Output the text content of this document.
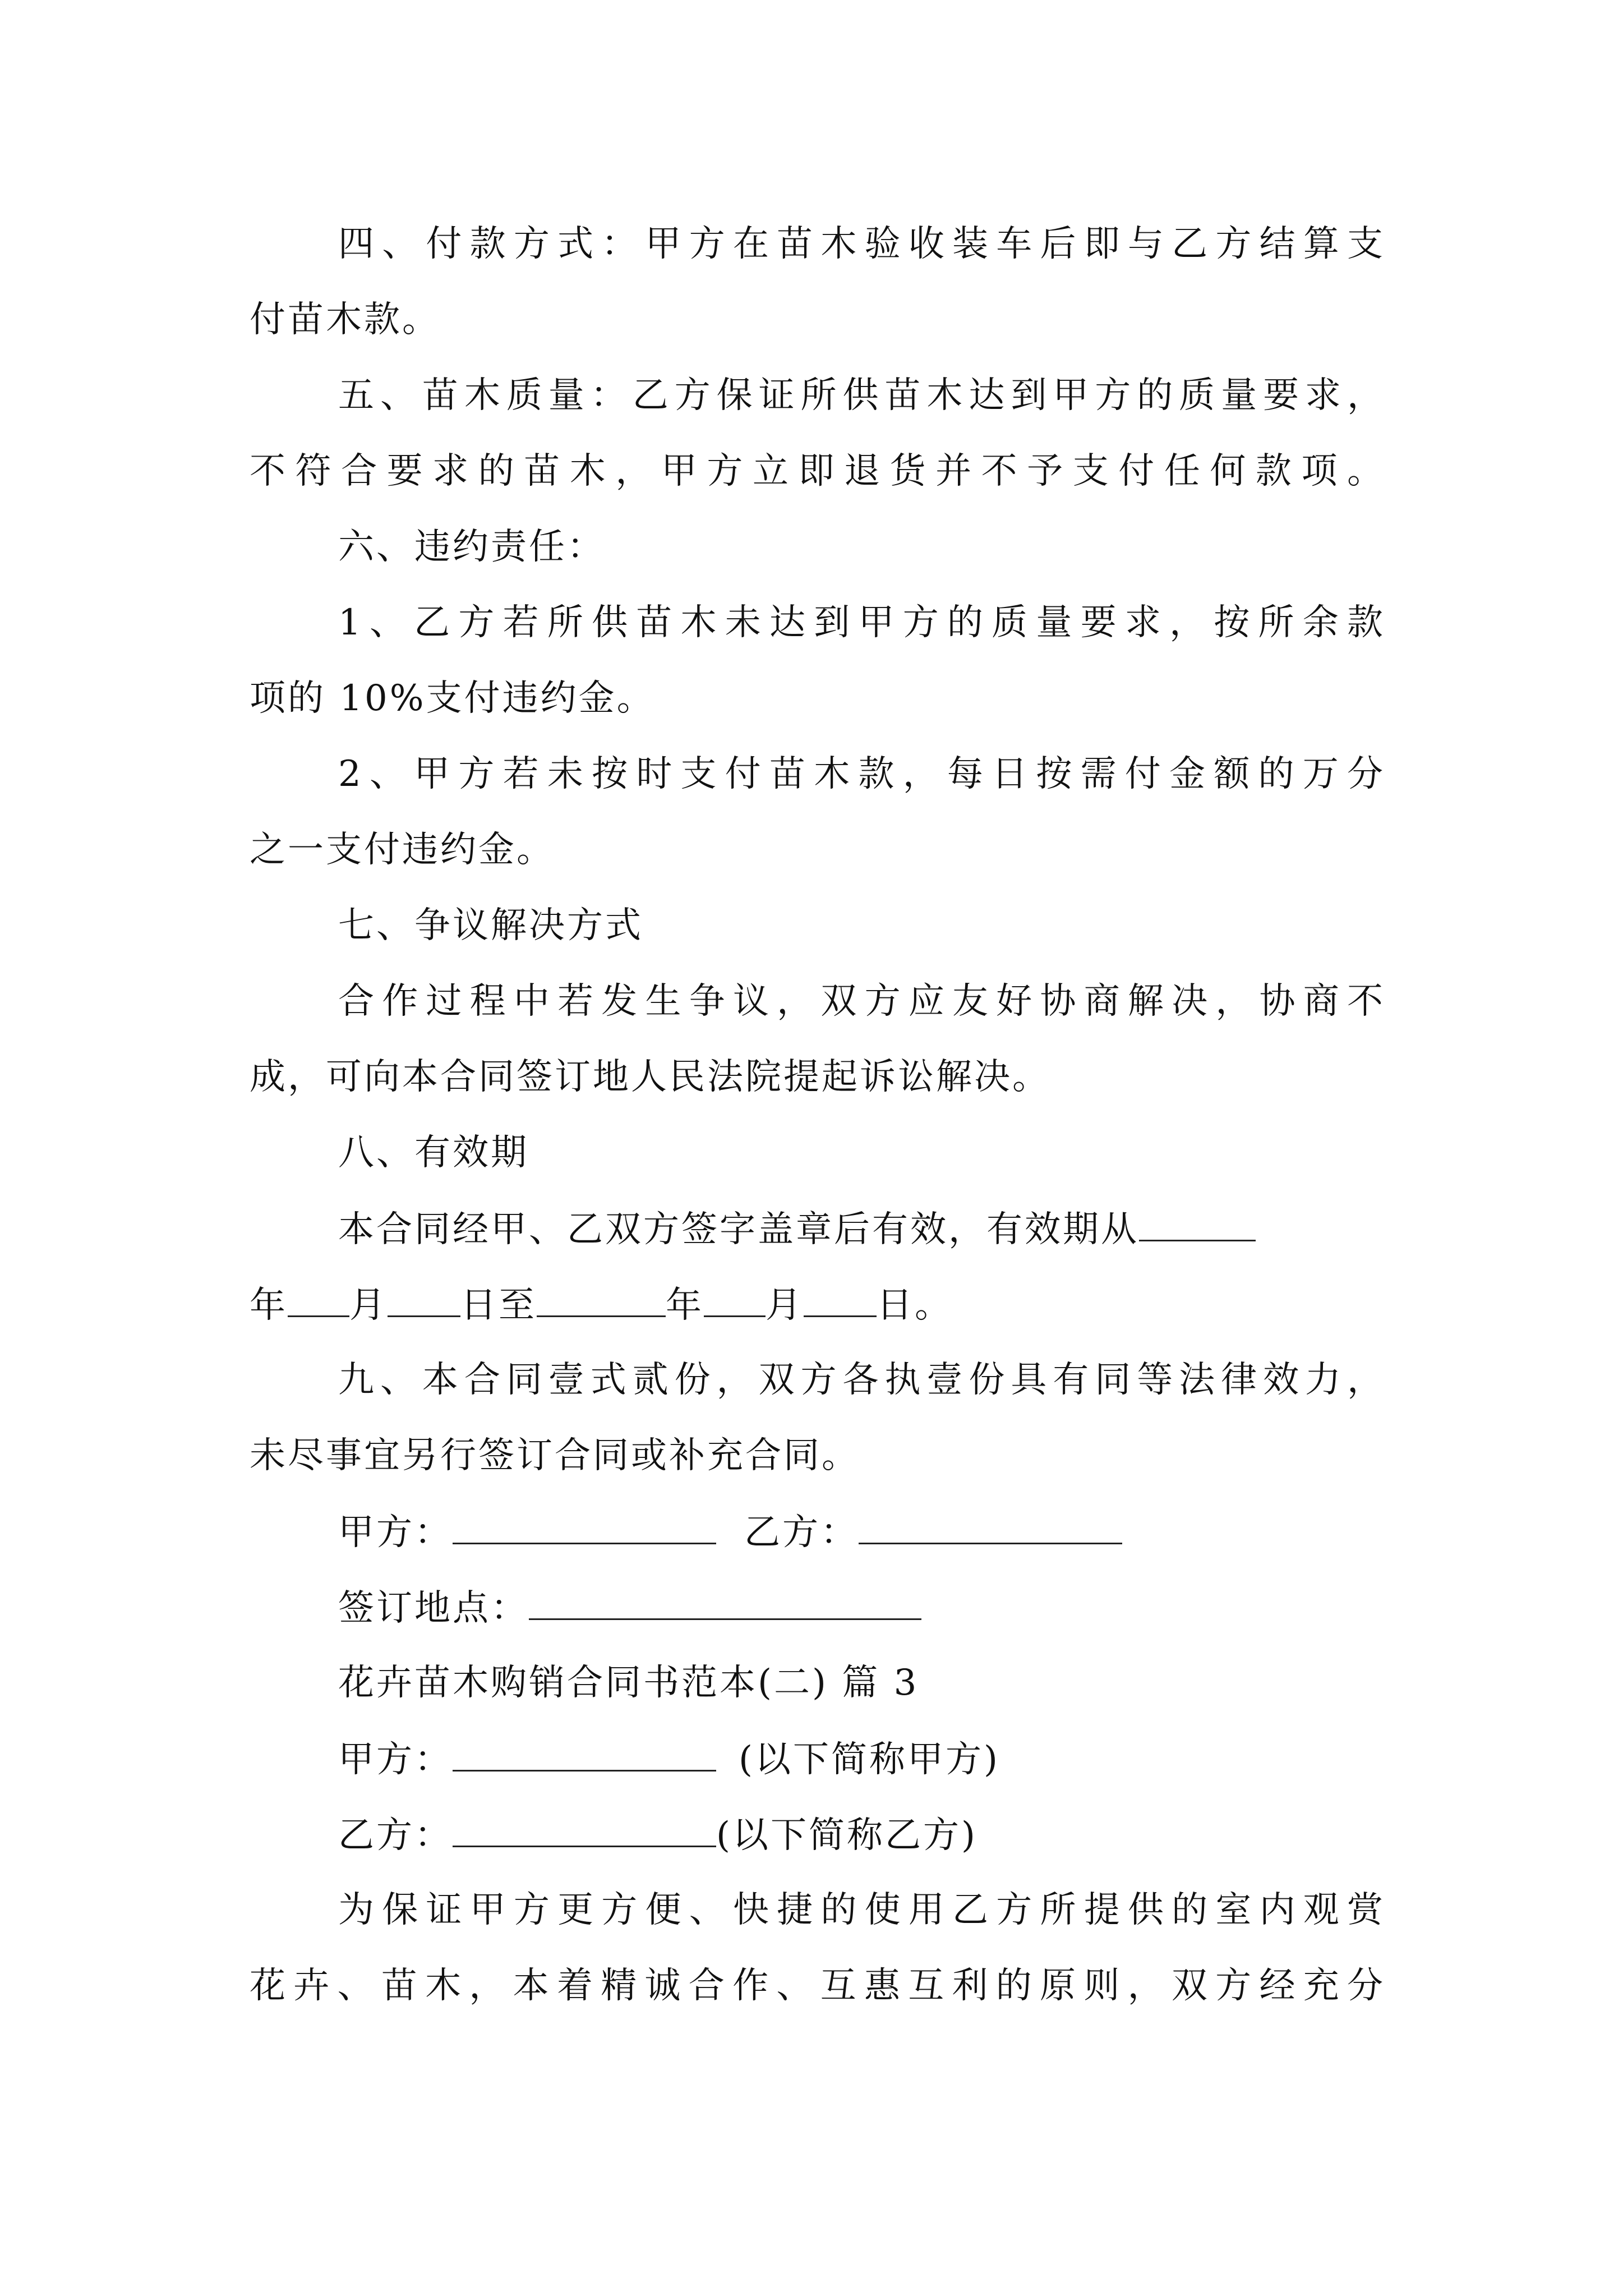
四、付款方式：甲方在苗木验收装车后即与乙方结算支
付苗木款。
五、苗木质量：乙方保证所供苗木达到甲方的质量要求，
不符合要求的苗木，甲方立即退货并不予支付任何款项。
六、违约责任：
1、乙方若所供苗木未达到甲方的质量要求，按所余款
项的 10%支付违约金。
2、甲方若未按时支付苗木款，每日按需付金额的万分
之一支付违约金。
七、争议解决方式
合作过程中若发生争议，双方应友好协商解决，协商不
成，可向本合同签订地人民法院提起诉讼解决。
八、有效期
本合同经甲、乙双方签字盖章后有效，有效期从
年 月 日至	年 月 日。
九、本合同壹式贰份，双方各执壹份具有同等法律效力，
未尽事宜另行签订合同或补充合同。
甲方：	乙方：
签订地点：
花卉苗木购销合同书范本(二) 篇 3
甲方：	(以下简称甲方)
乙方：	(以下简称乙方)
为保证甲方更方便、快捷的使用乙方所提供的室内观赏
花卉、苗木，本着精诚合作、互惠互利的原则，双方经充分
